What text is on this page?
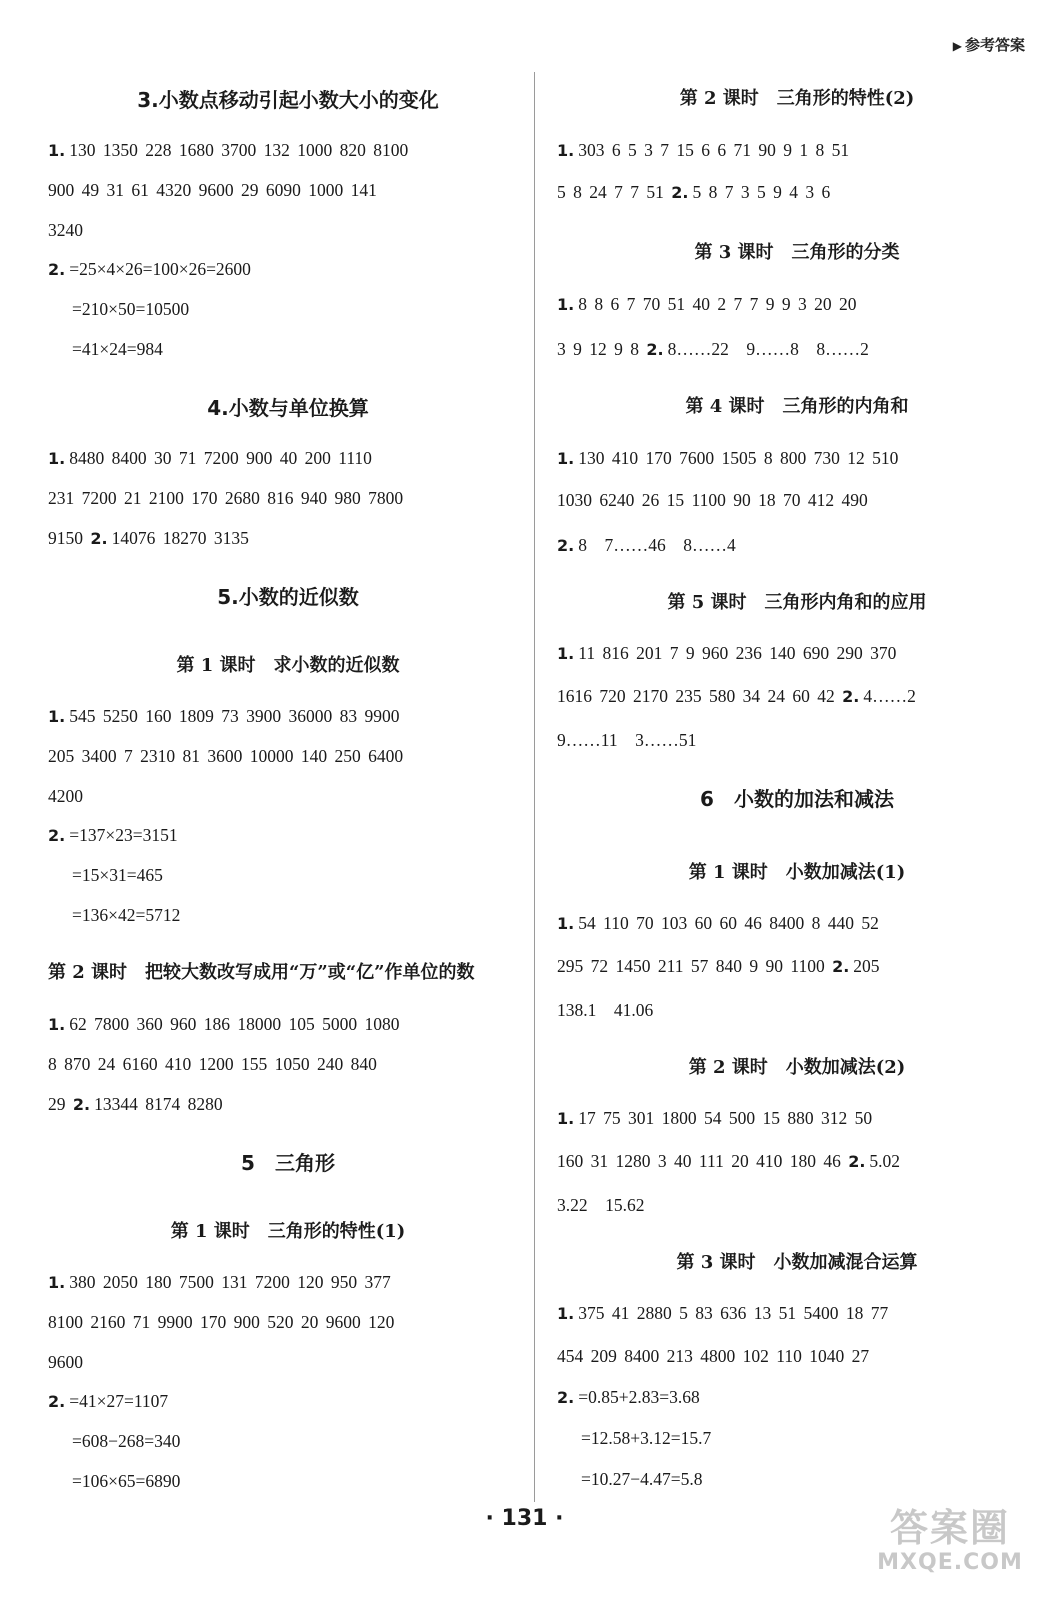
▶ 参考答案
3.小数点移动引起小数大小的变化
1. 130 1350 228 1680 3700 132 1000 820 8100
900 49 31 61 4320 9600 29 6090 1000 141
3240
2. =25×4×26=100×26=2600
=210×50=10500
=41×24=984
4.小数与单位换算
1. 8480 8400 30 71 7200 900 40 200 1110
231 7200 21 2100 170 2680 816 940 980 7800
9150 2. 14076 18270 3135
5.小数的近似数
第 1 课时　求小数的近似数
1. 545 5250 160 1809 73 3900 36000 83 9900
205 3400 7 2310 81 3600 10000 140 250 6400
4200
2. =137×23=3151
=15×31=465
=136×42=5712
第 2 课时　把较大数改写成用“万”或“亿”作单位的数
1. 62 7800 360 960 186 18000 105 5000 1080
8 870 24 6160 410 1200 155 1050 240 840
29 2. 13344 8174 8280
5　三角形
第 1 课时　三角形的特性(1)
1. 380 2050 180 7500 131 7200 120 950 377
8100 2160 71 9900 170 900 520 20 9600 120
9600
2. =41×27=1107
=608−268=340
=106×65=6890
第 2 课时　三角形的特性(2)
1. 303 6 5 3 7 15 6 6 71 90 9 1 8 51
5 8 24 7 7 51 2. 5 8 7 3 5 9 4 3 6
第 3 课时　三角形的分类
1. 8 8 6 7 70 51 40 2 7 7 9 9 3 20 20
3 9 12 9 8 2. 8……22　9……8　8……2
第 4 课时　三角形的内角和
1. 130 410 170 7600 1505 8 800 730 12 510
1030 6240 26 15 1100 90 18 70 412 490
2. 8　7……46　8……4
第 5 课时　三角形内角和的应用
1. 11 816 201 7 9 960 236 140 690 290 370
1616 720 2170 235 580 34 24 60 42 2. 4……2
9……11　3……51
6　小数的加法和减法
第 1 课时　小数加减法(1)
1. 54 110 70 103 60 60 46 8400 8 440 52
295 72 1450 211 57 840 9 90 1100 2. 205
138.1　41.06
第 2 课时　小数加减法(2)
1. 17 75 301 1800 54 500 15 880 312 50
160 31 1280 3 40 111 20 410 180 46 2. 5.02
3.22　15.62
第 3 课时　小数加减混合运算
1. 375 41 2880 5 83 636 13 51 5400 18 77
454 209 8400 213 4800 102 110 1040 27
2. =0.85+2.83=3.68
=12.58+3.12=15.7
=10.27−4.47=5.8
· 131 ·	答案圈
MXQE.COM
